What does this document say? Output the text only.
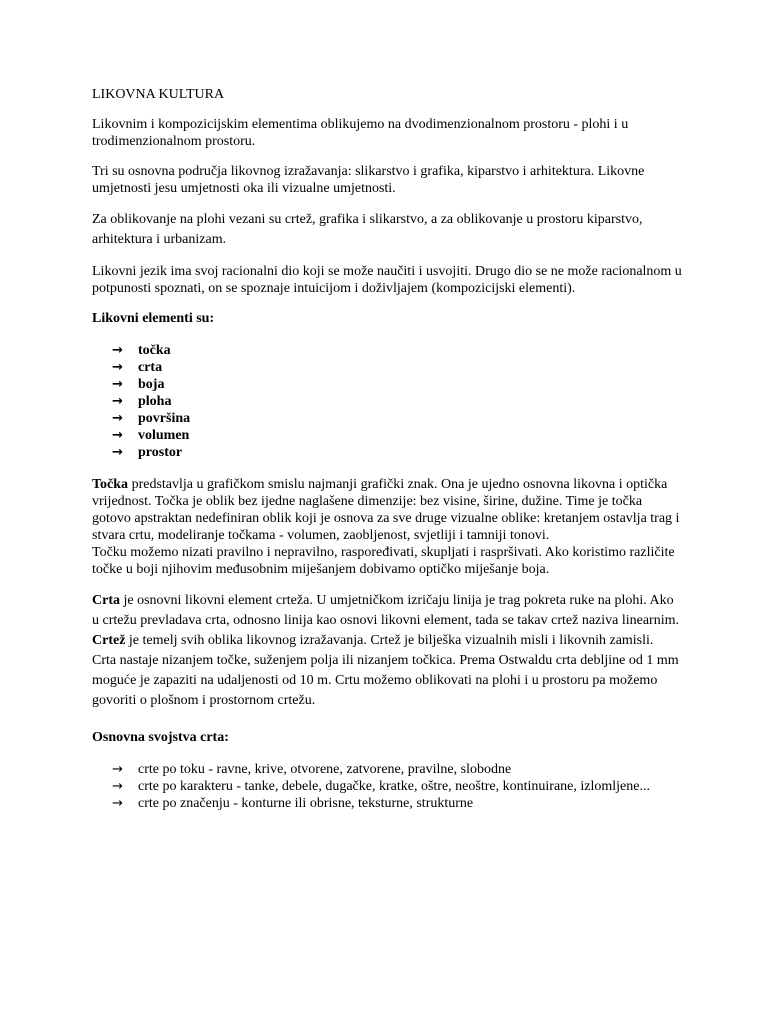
LIKOVNA KULTURA

Likovnim i kompozicijskim elementima oblikujemo na dvodimenzionalnom prostoru - plohi i u trodimenzionalnom prostoru.

Tri su osnovna područja likovnog izražavanja: slikarstvo i grafika, kiparstvo i arhitektura. Likovne umjetnosti jesu umjetnosti oka ili vizualne umjetnosti.

Za oblikovanje na plohi vezani su crtež, grafika i slikarstvo, a za oblikovanje u prostoru kiparstvo, arhitektura i urbanizam.

Likovni jezik ima svoj racionalni dio koji se može naučiti i usvojiti. Drugo dio se ne može racionalnom u potpunosti spoznati, on se spoznaje intuicijom i doživljajem (kompozicijski elementi).

Likovni elementi su:
→ točka
→ crta
→ boja
→ ploha
→ površina
→ volumen
→ prostor

Točka predstavlja u grafičkom smislu najmanji grafički znak. Ona je ujedno osnovna likovna i optička vrijednost. Točka je oblik bez ijedne naglašene dimenzije: bez visine, širine, dužine. Time je točka gotovo apstraktan nedefiniran oblik koji je osnova za sve druge vizualne oblike: kretanjem ostavlja trag i stvara crtu, modeliranje točkama - volumen, zaobljenost, svjetliji i tamniji tonovi.

Točku možemo nizati pravilno i nepravilno, raspoređivati, skupljati i raspršivati. Ako koristimo različite točke u boji njihovim međusobnim miješanjem dobivamo optičko miješanje boja.

Crta je osnovni likovni element crteža. U umjetničkom izričaju linija je trag pokreta ruke na plohi. Ako u crtežu prevladava crta, odnosno linija kao osnovi likovni element, tada se takav crtež naziva linearnim.

Crtež je temelj svih oblika likovnog izražavanja. Crtež je bilješka vizualnih misli i likovnih zamisli.

Crta nastaje nizanjem točke, suženjem polja ili nizanjem točkica. Prema Ostwaldu crta debljine od 1 mm moguće je zapaziti na udaljenosti od 10 m. Crtu možemo oblikovati na plohi i u prostoru pa možemo govoriti o plošnom i prostornom crtežu.

Osnovna svojstva crta:
→ crte po toku - ravne, krive, otvorene, zatvorene, pravilne, slobodne
→ crte po karakteru - tanke, debele, dugačke, kratke, oštre, neoštre, kontinuirane, izlomljene...
→ crte po značenju - konturne ili obrisne, teksturne, strukturne
